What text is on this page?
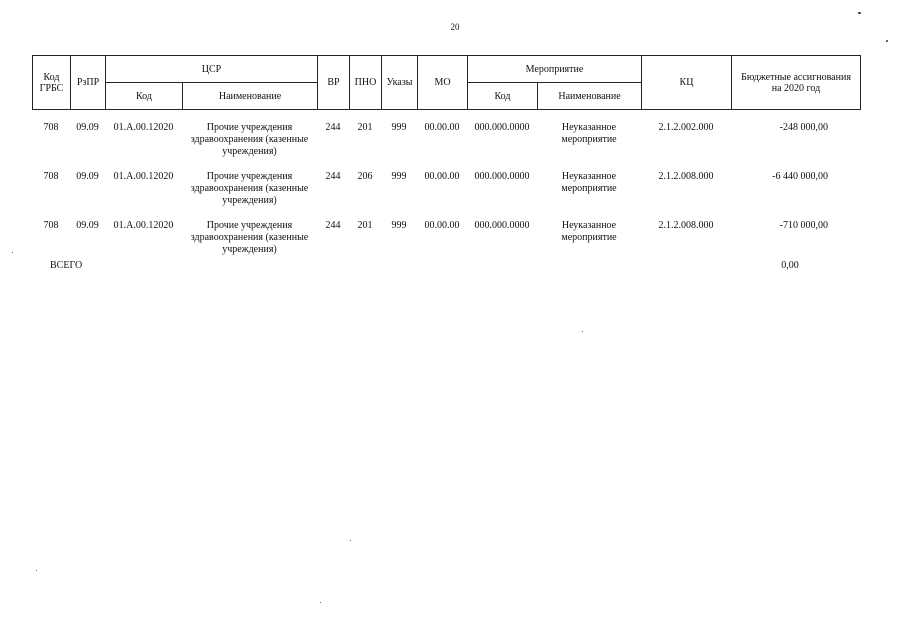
20
Код ГРБС	РзПР	ЦСР		ВР	ПНО	Указы	МО	Мероприятие		КЦ	Бюджетные ассигнования на 2020 год
		Код	Наименование					Код	Наименование		
708	09.09	01.А.00.12020	Прочие учреждения здравоохранения (казенные учреждения)	244	201	999	00.00.00	000.000.0000	Неуказанное мероприятие	2.1.2.002.000	-248 000,00
708	09.09	01.А.00.12020	Прочие учреждения здравоохранения (казенные учреждения)	244	206	999	00.00.00	000.000.0000	Неуказанное мероприятие	2.1.2.008.000	-6 440 000,00
708	09.09	01.А.00.12020	Прочие учреждения здравоохранения (казенные учреждения)	244	201	999	00.00.00	000.000.0000	Неуказанное мероприятие	2.1.2.008.000	-710 000,00
ВСЕГО	0,00
